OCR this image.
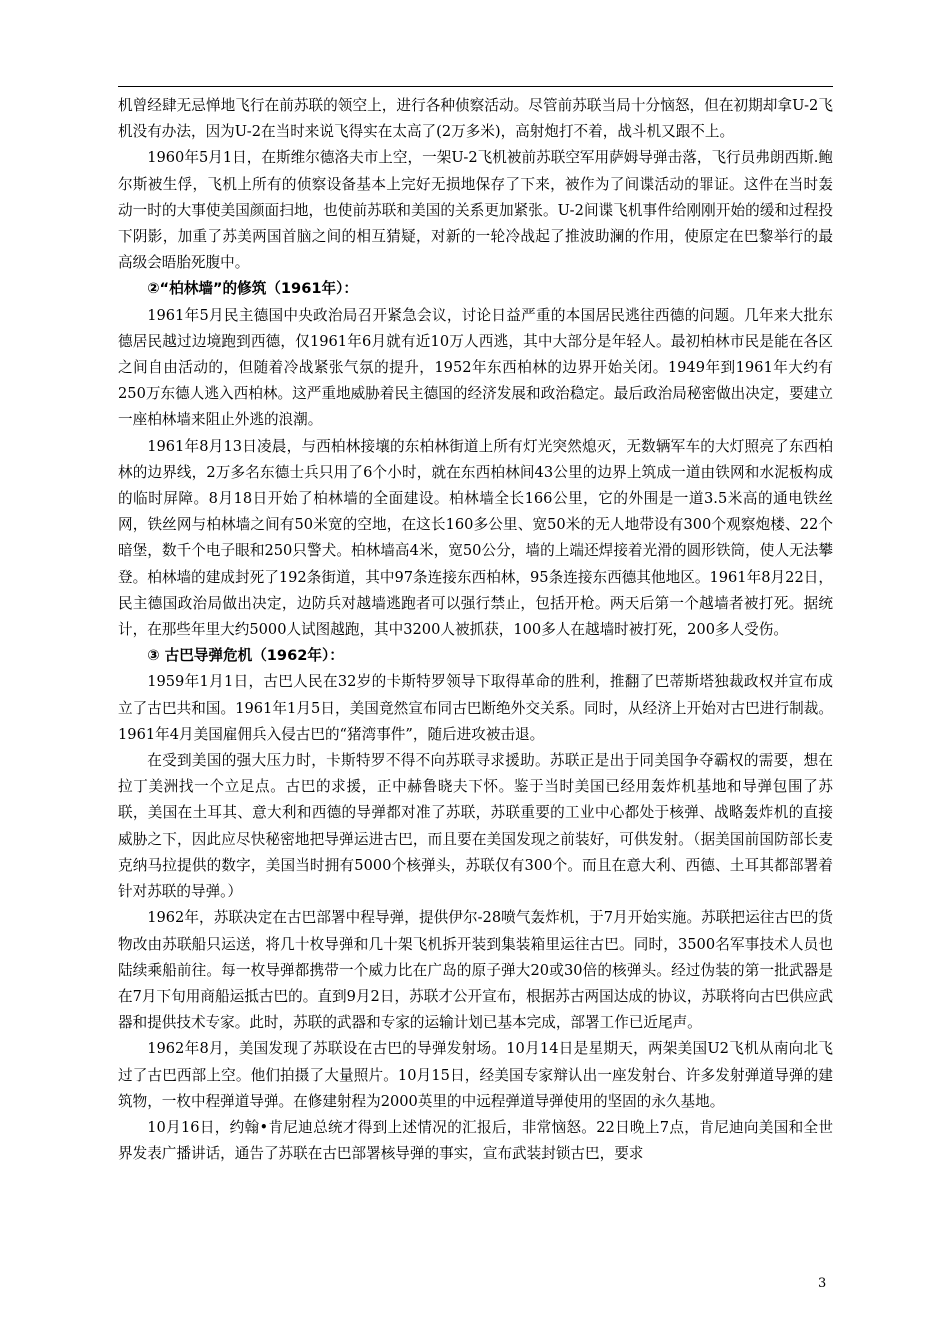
机曾经肆无忌惮地飞行在前苏联的领空上，进行各种侦察活动。尽管前苏联当局十分恼怒，但在初期却拿U-2飞机没有办法，因为U-2在当时来说飞得实在太高了(2万多米)，高射炮打不着，战斗机又跟不上。

1960年5月1日，在斯维尔德洛夫市上空，一架U-2飞机被前苏联空军用萨姆导弹击落，飞行员弗朗西斯.鲍尔斯被生俘，飞机上所有的侦察设备基本上完好无损地保存了下来，被作为了间谍活动的罪证。这件在当时轰动一时的大事使美国颜面扫地，也使前苏联和美国的关系更加紧张。U-2间谍飞机事件给刚刚开始的缓和过程投下阴影，加重了苏美两国首脑之间的相互猜疑，对新的一轮冷战起了推波助澜的作用，使原定在巴黎举行的最高级会晤胎死腹中。

②“柏林墙”的修筑（1961年）：

1961年5月民主德国中央政治局召开紧急会议，讨论日益严重的本国居民逃往西德的问题。几年来大批东德居民越过边境跑到西德，仅1961年6月就有近10万人西逃，其中大部分是年轻人。最初柏林市民是能在各区之间自由活动的，但随着冷战紧张气氛的提升，1952年东西柏林的边界开始关闭。1949年到1961年大约有250万东德人逃入西柏林。这严重地威胁着民主德国的经济发展和政治稳定。最后政治局秘密做出决定，要建立一座柏林墙来阻止外逃的浪潮。

1961年8月13日凌晨，与西柏林接壤的东柏林街道上所有灯光突然熄灭，无数辆军车的大灯照亮了东西柏林的边界线，2万多名东德士兵只用了6个小时，就在东西柏林间43公里的边界上筑成一道由铁网和水泥板构成的临时屏障。8月18日开始了柏林墙的全面建设。柏林墙全长166公里，它的外围是一道3.5米高的通电铁丝网，铁丝网与柏林墙之间有50米宽的空地，在这长160多公里、宽50米的无人地带设有300个观察炮楼、22个暗堡，数千个电子眼和250只警犬。柏林墙高4米，宽50公分，墙的上端还焊接着光滑的圆形铁筒，使人无法攀登。柏林墙的建成封死了192条街道，其中97条连接东西柏林，95条连接东西德其他地区。1961年8月22日，民主德国政治局做出决定，边防兵对越墙逃跑者可以强行禁止，包括开枪。两天后第一个越墙者被打死。据统计，在那些年里大约5000人试图越跑，其中3200人被抓获，100多人在越墙时被打死，200多人受伤。

③ 古巴导弹危机（1962年）：

1959年1月1日，古巴人民在32岁的卡斯特罗领导下取得革命的胜利，推翻了巴蒂斯塔独裁政权并宣布成立了古巴共和国。1961年1月5日，美国竟然宣布同古巴断绝外交关系。同时，从经济上开始对古巴进行制裁。1961年4月美国雇佣兵入侵古巴的“猪湾事件”，随后进攻被击退。

在受到美国的强大压力时，卡斯特罗不得不向苏联寻求援助。苏联正是出于同美国争夺霸权的需要，想在拉丁美洲找一个立足点。古巴的求援，正中赫鲁晓夫下怀。鉴于当时美国已经用轰炸机基地和导弹包围了苏联，美国在土耳其、意大利和西德的导弹都对准了苏联，苏联重要的工业中心都处于核弹、战略轰炸机的直接威胁之下，因此应尽快秘密地把导弹运进古巴，而且要在美国发现之前装好，可供发射。（据美国前国防部长麦克纳马拉提供的数字，美国当时拥有5000个核弹头，苏联仅有300个。而且在意大利、西德、土耳其都部署着针对苏联的导弹。）

1962年，苏联决定在古巴部署中程导弹，提供伊尔-28喷气轰炸机，于7月开始实施。苏联把运往古巴的货物改由苏联船只运送，将几十枚导弹和几十架飞机拆开装到集装箱里运往古巴。同时，3500名军事技术人员也陆续乘船前往。每一枚导弹都携带一个威力比在广岛的原子弹大20或30倍的核弹头。经过伪装的第一批武器是在7月下旬用商船运抵古巴的。直到9月2日，苏联才公开宣布，根据苏古两国达成的协议，苏联将向古巴供应武器和提供技术专家。此时，苏联的武器和专家的运输计划已基本完成，部署工作已近尾声。

1962年8月，美国发现了苏联设在古巴的导弹发射场。10月14日是星期天，两架美国U2飞机从南向北飞过了古巴西部上空。他们拍摄了大量照片。10月15日，经美国专家辩认出一座发射台、许多发射弹道导弹的建筑物，一枚中程弹道导弹。在修建射程为2000英里的中远程弹道导弹使用的坚固的永久基地。

10月16日，约翰•肯尼迪总统才得到上述情况的汇报后，非常恼怒。22日晚上7点，肯尼迪向美国和全世界发表广播讲话，通告了苏联在古巴部署核导弹的事实，宣布武装封锁古巴，要求

3
